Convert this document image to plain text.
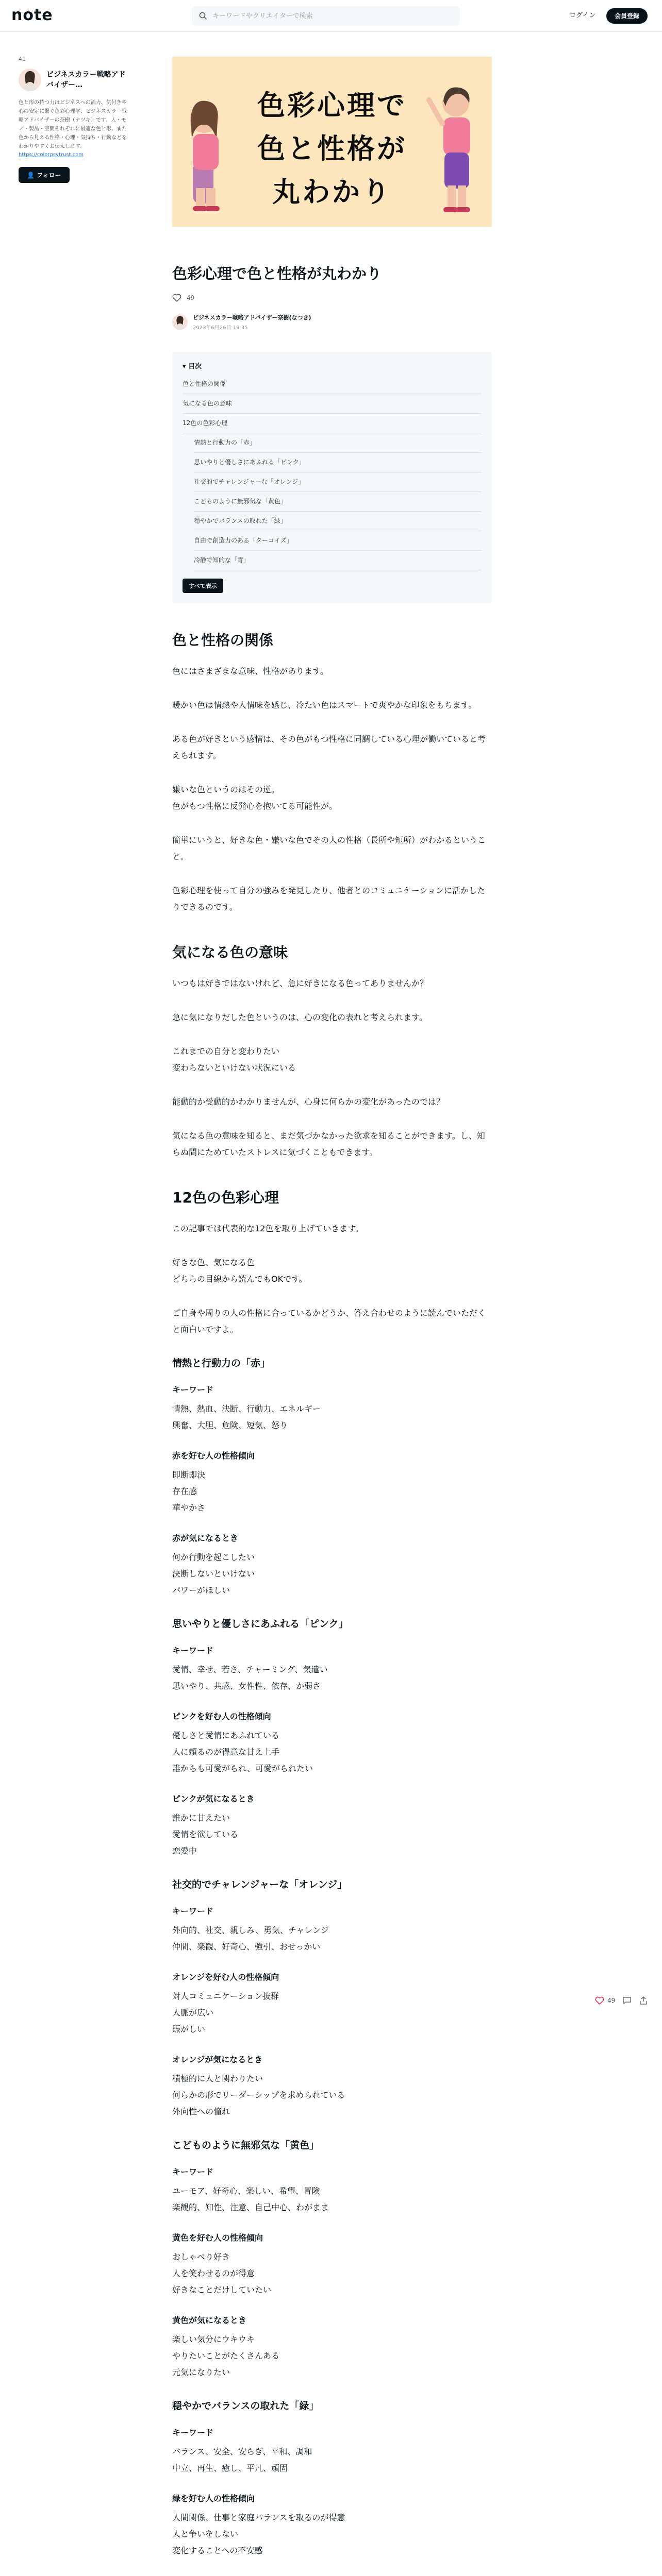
note
キーワードやクリエイターで検索	ログイン	会員登録
41
ビジネスカラー戦略アドバイザー…
色と形の持つ力はビジネスへの活力、気付きや心の安定に繋ぐ色彩心理学、ビジネスカラー戦略アドバイザーの奈樹（ナツキ）です。人・モノ・製品・空間それぞれに最適な色と形、また色から見える性格・心理・気持ち・行動などをわかりやすくお伝えします。
https://colorpsytrust.com
👤 フォロー
色彩心理で
色と性格が
丸わかり
色彩心理で色と性格が丸わかり
49
ビジネスカラー戦略アドバイザー奈樹(なつき)
2023年6月26日 19:35
▾ 目次
色と性格の関係
気になる色の意味
12色の色彩心理
情熱と行動力の「赤」
思いやりと優しさにあふれる「ピンク」
社交的でチャレンジャーな「オレンジ」
こどものように無邪気な「黄色」
穏やかでバランスの取れた「緑」
自由で創造力のある「ターコイズ」
冷静で知的な「青」
すべて表示
色と性格の関係

色にはさまざまな意味、性格があります。

暖かい色は情熱や人情味を感じ、冷たい色はスマートで爽やかな印象をもちます。

ある色が好きという感情は、その色がもつ性格に同調している心理が働いていると考えられます。

嫌いな色というのはその逆。
色がもつ性格に反発心を抱いてる可能性が。

簡単にいうと、好きな色・嫌いな色でその人の性格（長所や短所）がわかるということ。

色彩心理を使って自分の強みを発見したり、他者とのコミュニケーションに活かしたりできるのです。

気になる色の意味

いつもは好きではないけれど、急に好きになる色ってありませんか？

急に気になりだした色というのは、心の変化の表れと考えられます。

これまでの自分と変わりたい
変わらないといけない状況にいる

能動的か受動的かわかりませんが、心身に何らかの変化があったのでは？

気になる色の意味を知ると、まだ気づかなかった欲求を知ることができます。し、知らぬ間にためていたストレスに気づくこともできます。

12色の色彩心理

この記事では代表的な12色を取り上げていきます。

好きな色、気になる色
どちらの目線から読んでもOKです。

ご自身や周りの人の性格に合っているかどうか、答え合わせのように読んでいただくと面白いですよ。

情熱と行動力の「赤」
キーワード

情熱、熱血、決断、行動力、エネルギー
興奮、大胆、危険、短気、怒り

赤を好む人の性格傾向

即断即決
存在感
華やかさ

赤が気になるとき

何か行動を起こしたい
決断しないといけない
パワーがほしい

思いやりと優しさにあふれる「ピンク」
キーワード

愛情、幸せ、若さ、チャーミング、気遣い
思いやり、共感、女性性、依存、か弱さ

ピンクを好む人の性格傾向

優しさと愛情にあふれている
人に頼るのが得意な甘え上手
誰からも可愛がられ、可愛がられたい

ピンクが気になるとき

誰かに甘えたい
愛情を欲している
恋愛中

社交的でチャレンジャーな「オレンジ」
キーワード

外向的、社交、親しみ、勇気、チャレンジ
仲間、楽観、好奇心、強引、おせっかい

オレンジを好む人の性格傾向

対人コミュニケーション抜群
人脈が広い
賑がしい

オレンジが気になるとき

積極的に人と関わりたい
何らかの形でリーダーシップを求められている
外向性への憧れ

こどものように無邪気な「黄色」
キーワード

ユーモア、好奇心、楽しい、希望、冒険
楽観的、知性、注意、自己中心、わがまま

黄色を好む人の性格傾向

おしゃべり好き
人を笑わせるのが得意
好きなことだけしていたい

黄色が気になるとき

楽しい気分にウキウキ
やりたいことがたくさんある
元気になりたい

穏やかでバランスの取れた「緑」
キーワード

バランス、安全、安らぎ、平和、調和
中立、再生、癒し、平凡、頑固

緑を好む人の性格傾向

人間関係、仕事と家庭バランスを取るのが得意
人と争いをしない
変化することへの不安感

49
